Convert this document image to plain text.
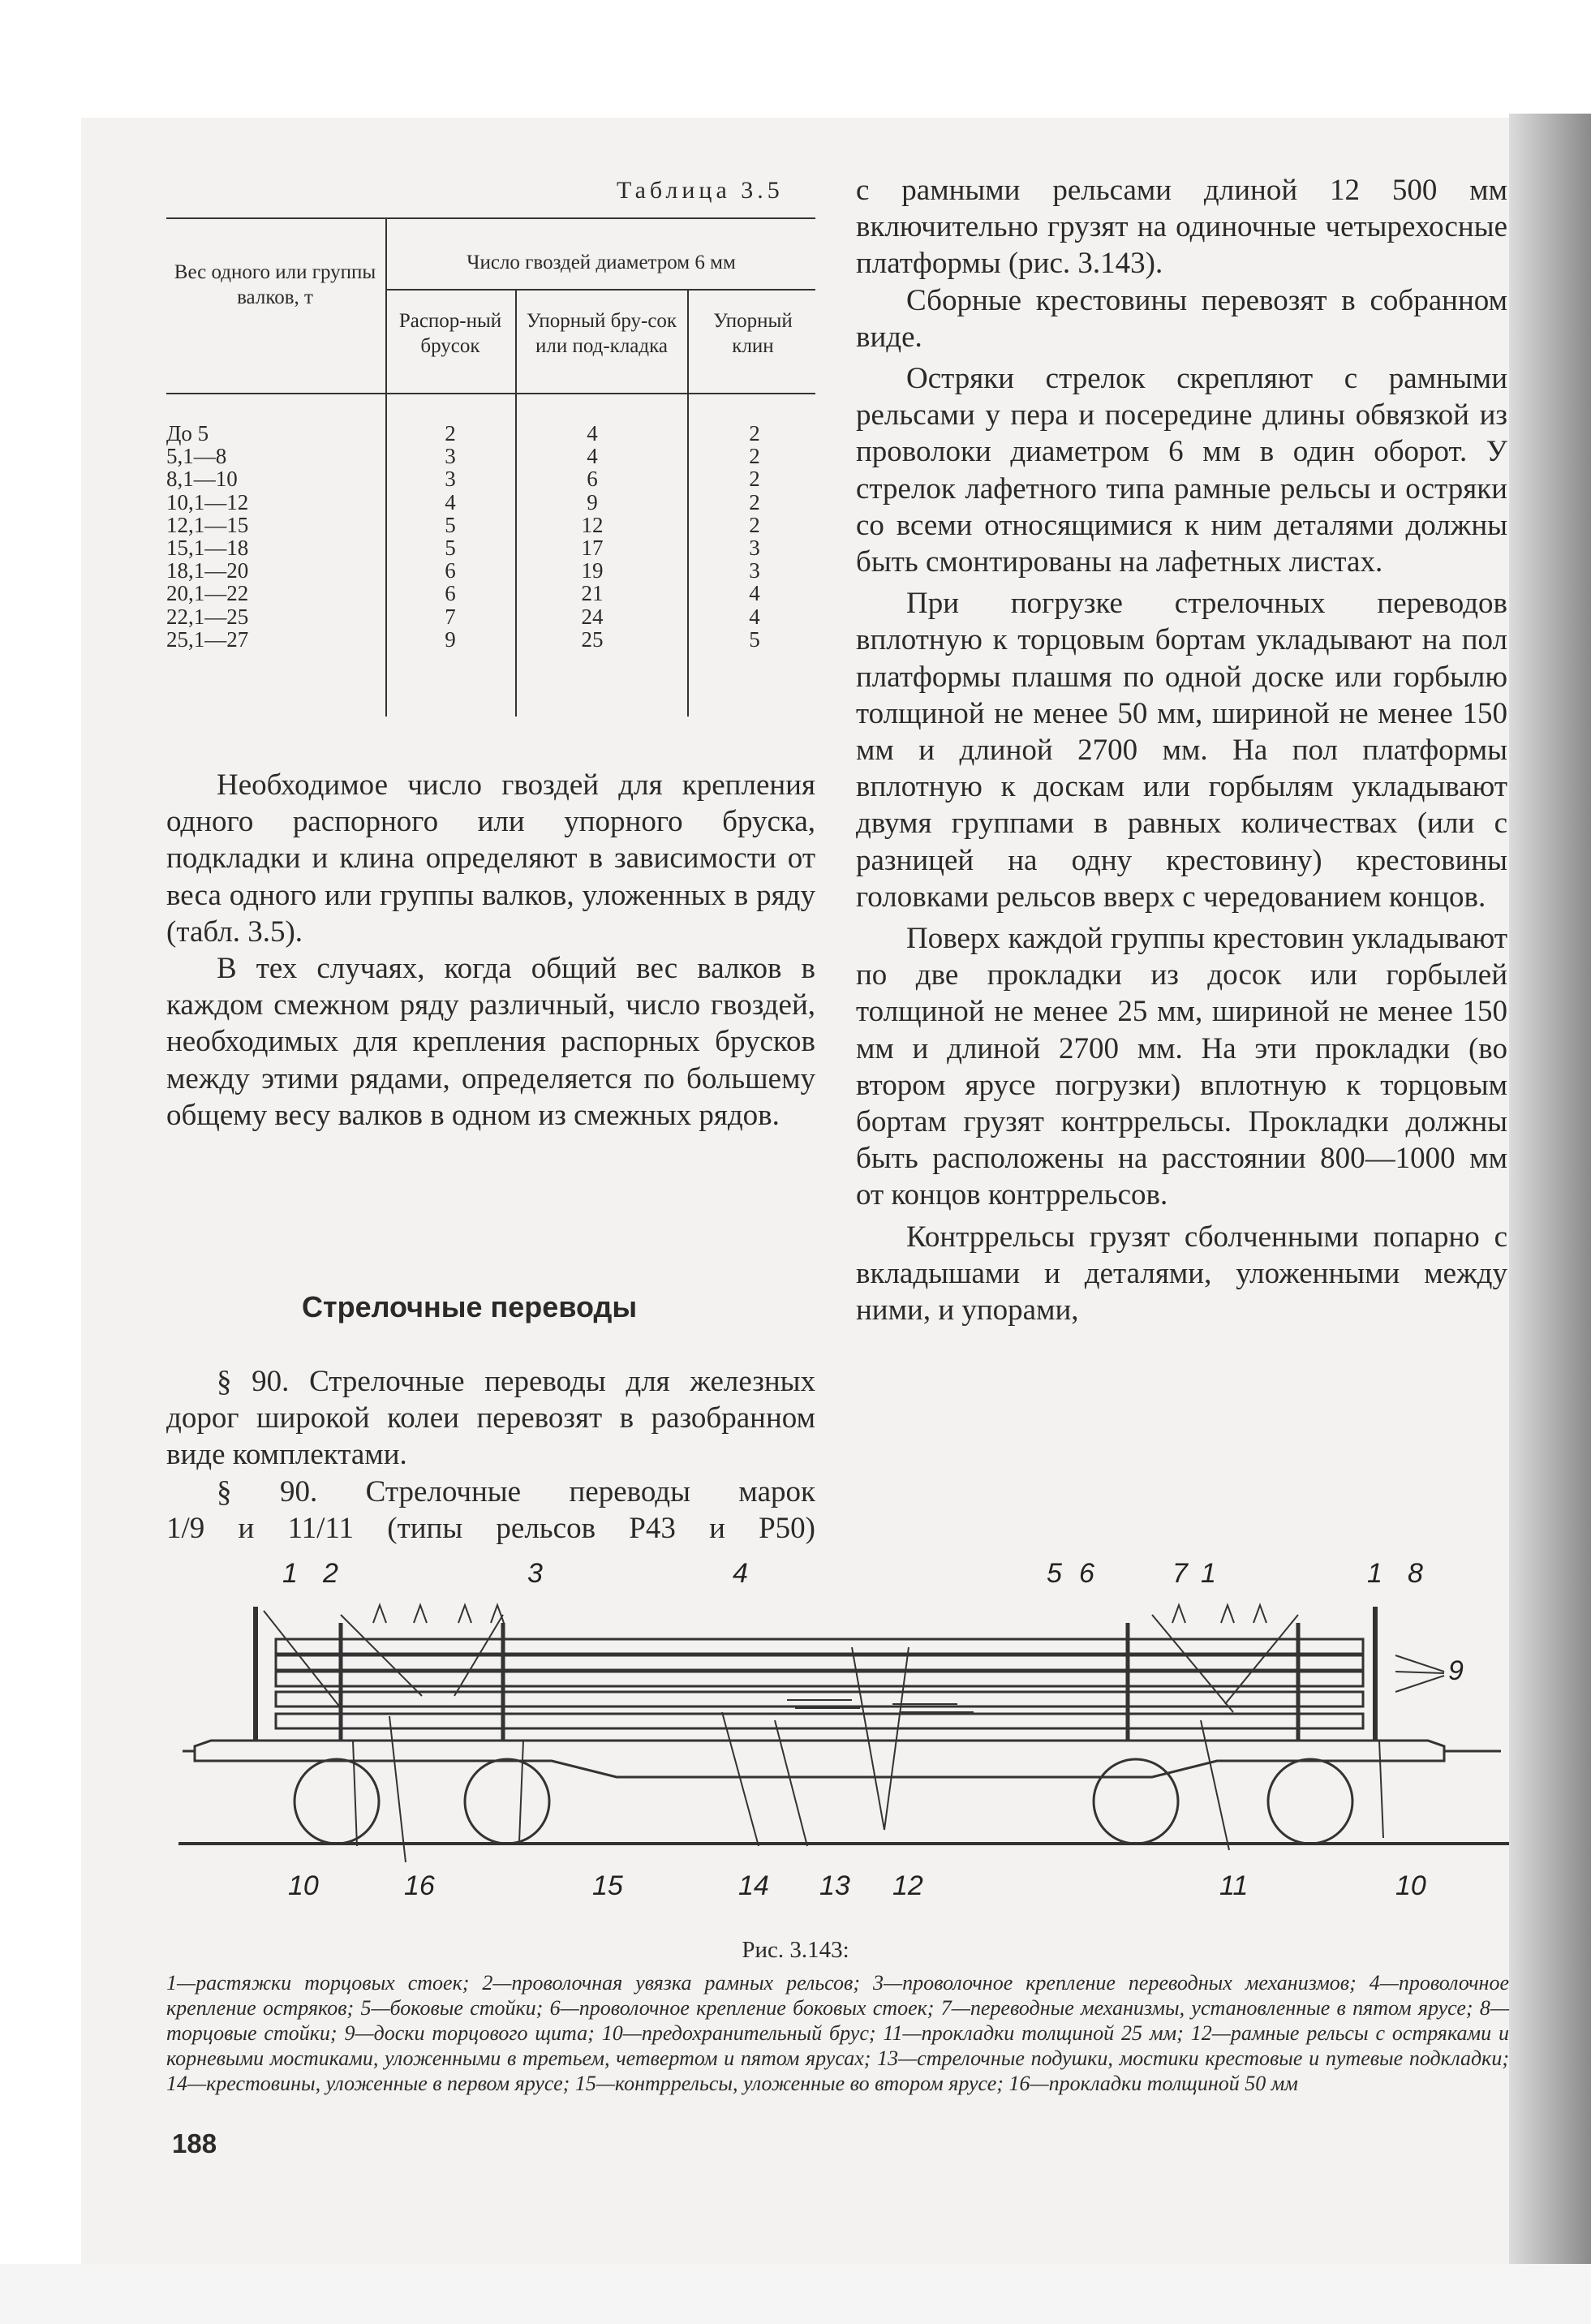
Таблица 3.5
Вес одного или группы валков, т
Число гвоздей диаметром 6 мм
Распор-ный брусок
Упорный бру-сок или под-кладка
Упорный клин
До 5	2	4	2
5,1—8	3	4	2
8,1—10	3	6	2
10,1—12	4	9	2
12,1—15	5	12	2
15,1—18	5	17	3
18,1—20	6	19	3
20,1—22	6	21	4
22,1—25	7	24	4
25,1—27	9	25	5

Необходимое число гвоздей для крепления одного распорного или упорного бруска, подкладки и клина определяют в зависимости от веса одного или группы валков, уложенных в ряду (табл. 3.5).

В тех случаях, когда общий вес валков в каждом смежном ряду различный, число гвоздей, необходимых для крепления распорных брусков между этими рядами, определяется по большему общему весу валков в одном из смежных рядов.

Стрелочные переводы

§ 90. Стрелочные переводы для железных дорог широкой колеи перевозят в разобранном виде комплектами.

§ 90. Стрелочные переводы марок

1/9 и 11/11 (типы рельсов Р43 и Р50)

с рамными рельсами длиной 12 500 мм включительно грузят на одиночные четырехосные платформы (рис. 3.143).

Сборные крестовины перевозят в собранном виде.

Остряки стрелок скрепляют с рамными рельсами у пера и посередине длины обвязкой из проволоки диаметром 6 мм в один оборот. У стрелок лафетного типа рамные рельсы и остряки со всеми относящимися к ним деталями должны быть смонтированы на лафетных листах.

При погрузке стрелочных переводов вплотную к торцовым бортам укладывают на пол платформы плашмя по одной доске или горбылю толщиной не менее 50 мм, шириной не менее 150 мм и длиной 2700 мм. На пол платформы вплотную к доскам или горбылям укладывают двумя группами в равных количествах (или с разницей на одну крестовину) крестовины головками рельсов вверх с чередованием концов.

Поверх каждой группы крестовин укладывают по две прокладки из досок или горбылей толщиной не менее 25 мм, шириной не менее 150 мм и длиной 2700 мм. На эти прокладки (во втором ярусе погрузки) вплотную к торцовым бортам грузят контррельсы. Прокладки должны быть расположены на расстоянии 800—1000 мм от концов контррельсов.

Контррельсы грузят сболченными попарно с вкладышами и деталями, уложенными между ними, и упорами,

1 2	3	4	5 6	7 1	1 8
9
10	16	15	14 13 12	11	10
Рис. 3.143:
1—растяжки торцовых стоек; 2—проволочная увязка рамных рельсов; 3—проволочное крепление переводных механизмов; 4—проволочное крепление остряков; 5—боковые стойки; 6—проволочное крепление боковых стоек; 7—переводные механизмы, установленные в пятом ярусе; 8—торцовые стойки; 9—доски торцового щита; 10—предохранительный брус; 11—прокладки толщиной 25 мм; 12—рамные рельсы с остряками и корневыми мостиками, уложенными в третьем, четвертом и пятом ярусах; 13—стрелочные подушки, мостики крестовые и путевые подкладки; 14—крестовины, уложенные в первом ярусе; 15—контррельсы, уложенные во втором ярусе; 16—прокладки толщиной 50 мм
188
